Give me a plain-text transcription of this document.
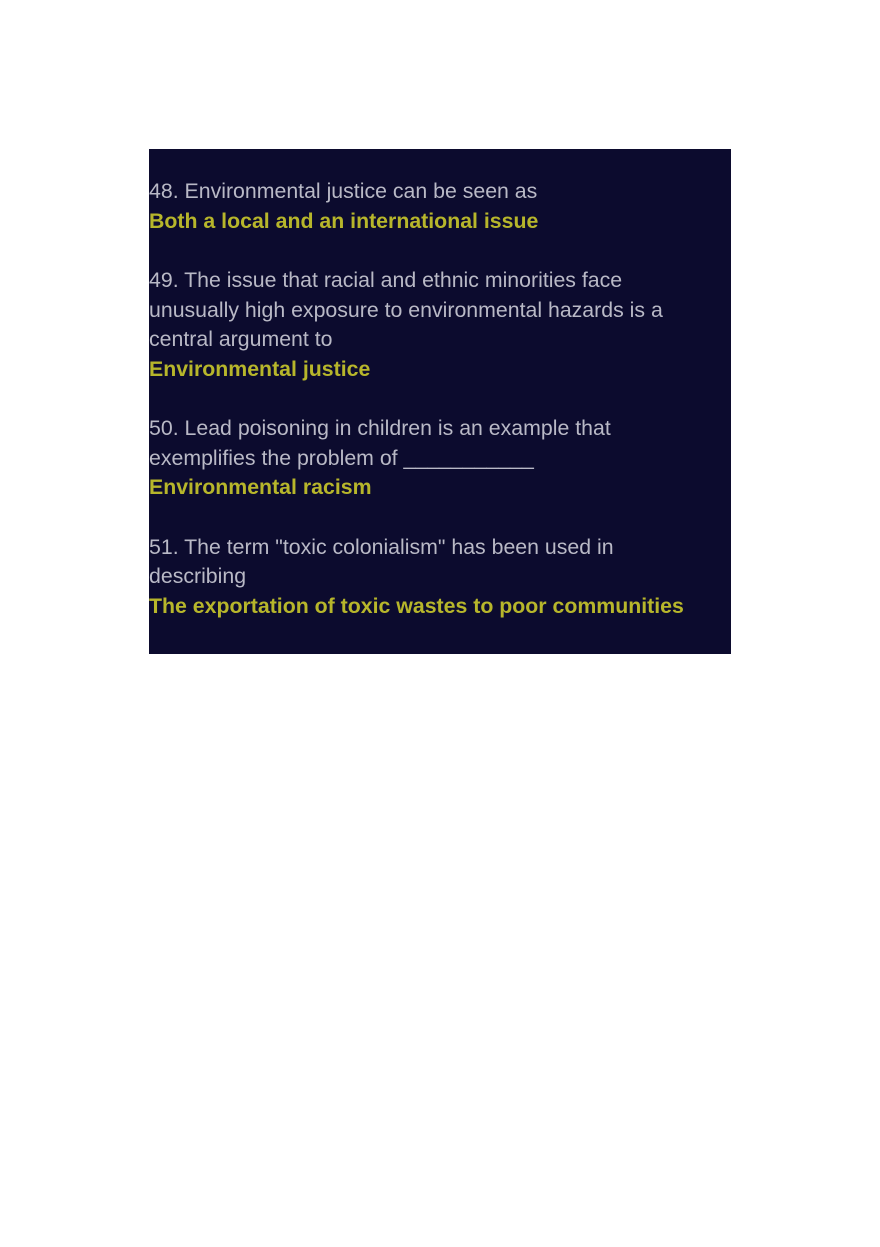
48. Environmental justice can be seen as
Both a local and an international issue
49. The issue that racial and ethnic minorities face
unusually high exposure to environmental hazards is a
central argument to
Environmental justice
50. Lead poisoning in children is an example that
exemplifies the problem of ___________
Environmental racism
51. The term "toxic colonialism" has been used in
describing
The exportation of toxic wastes to poor communities
